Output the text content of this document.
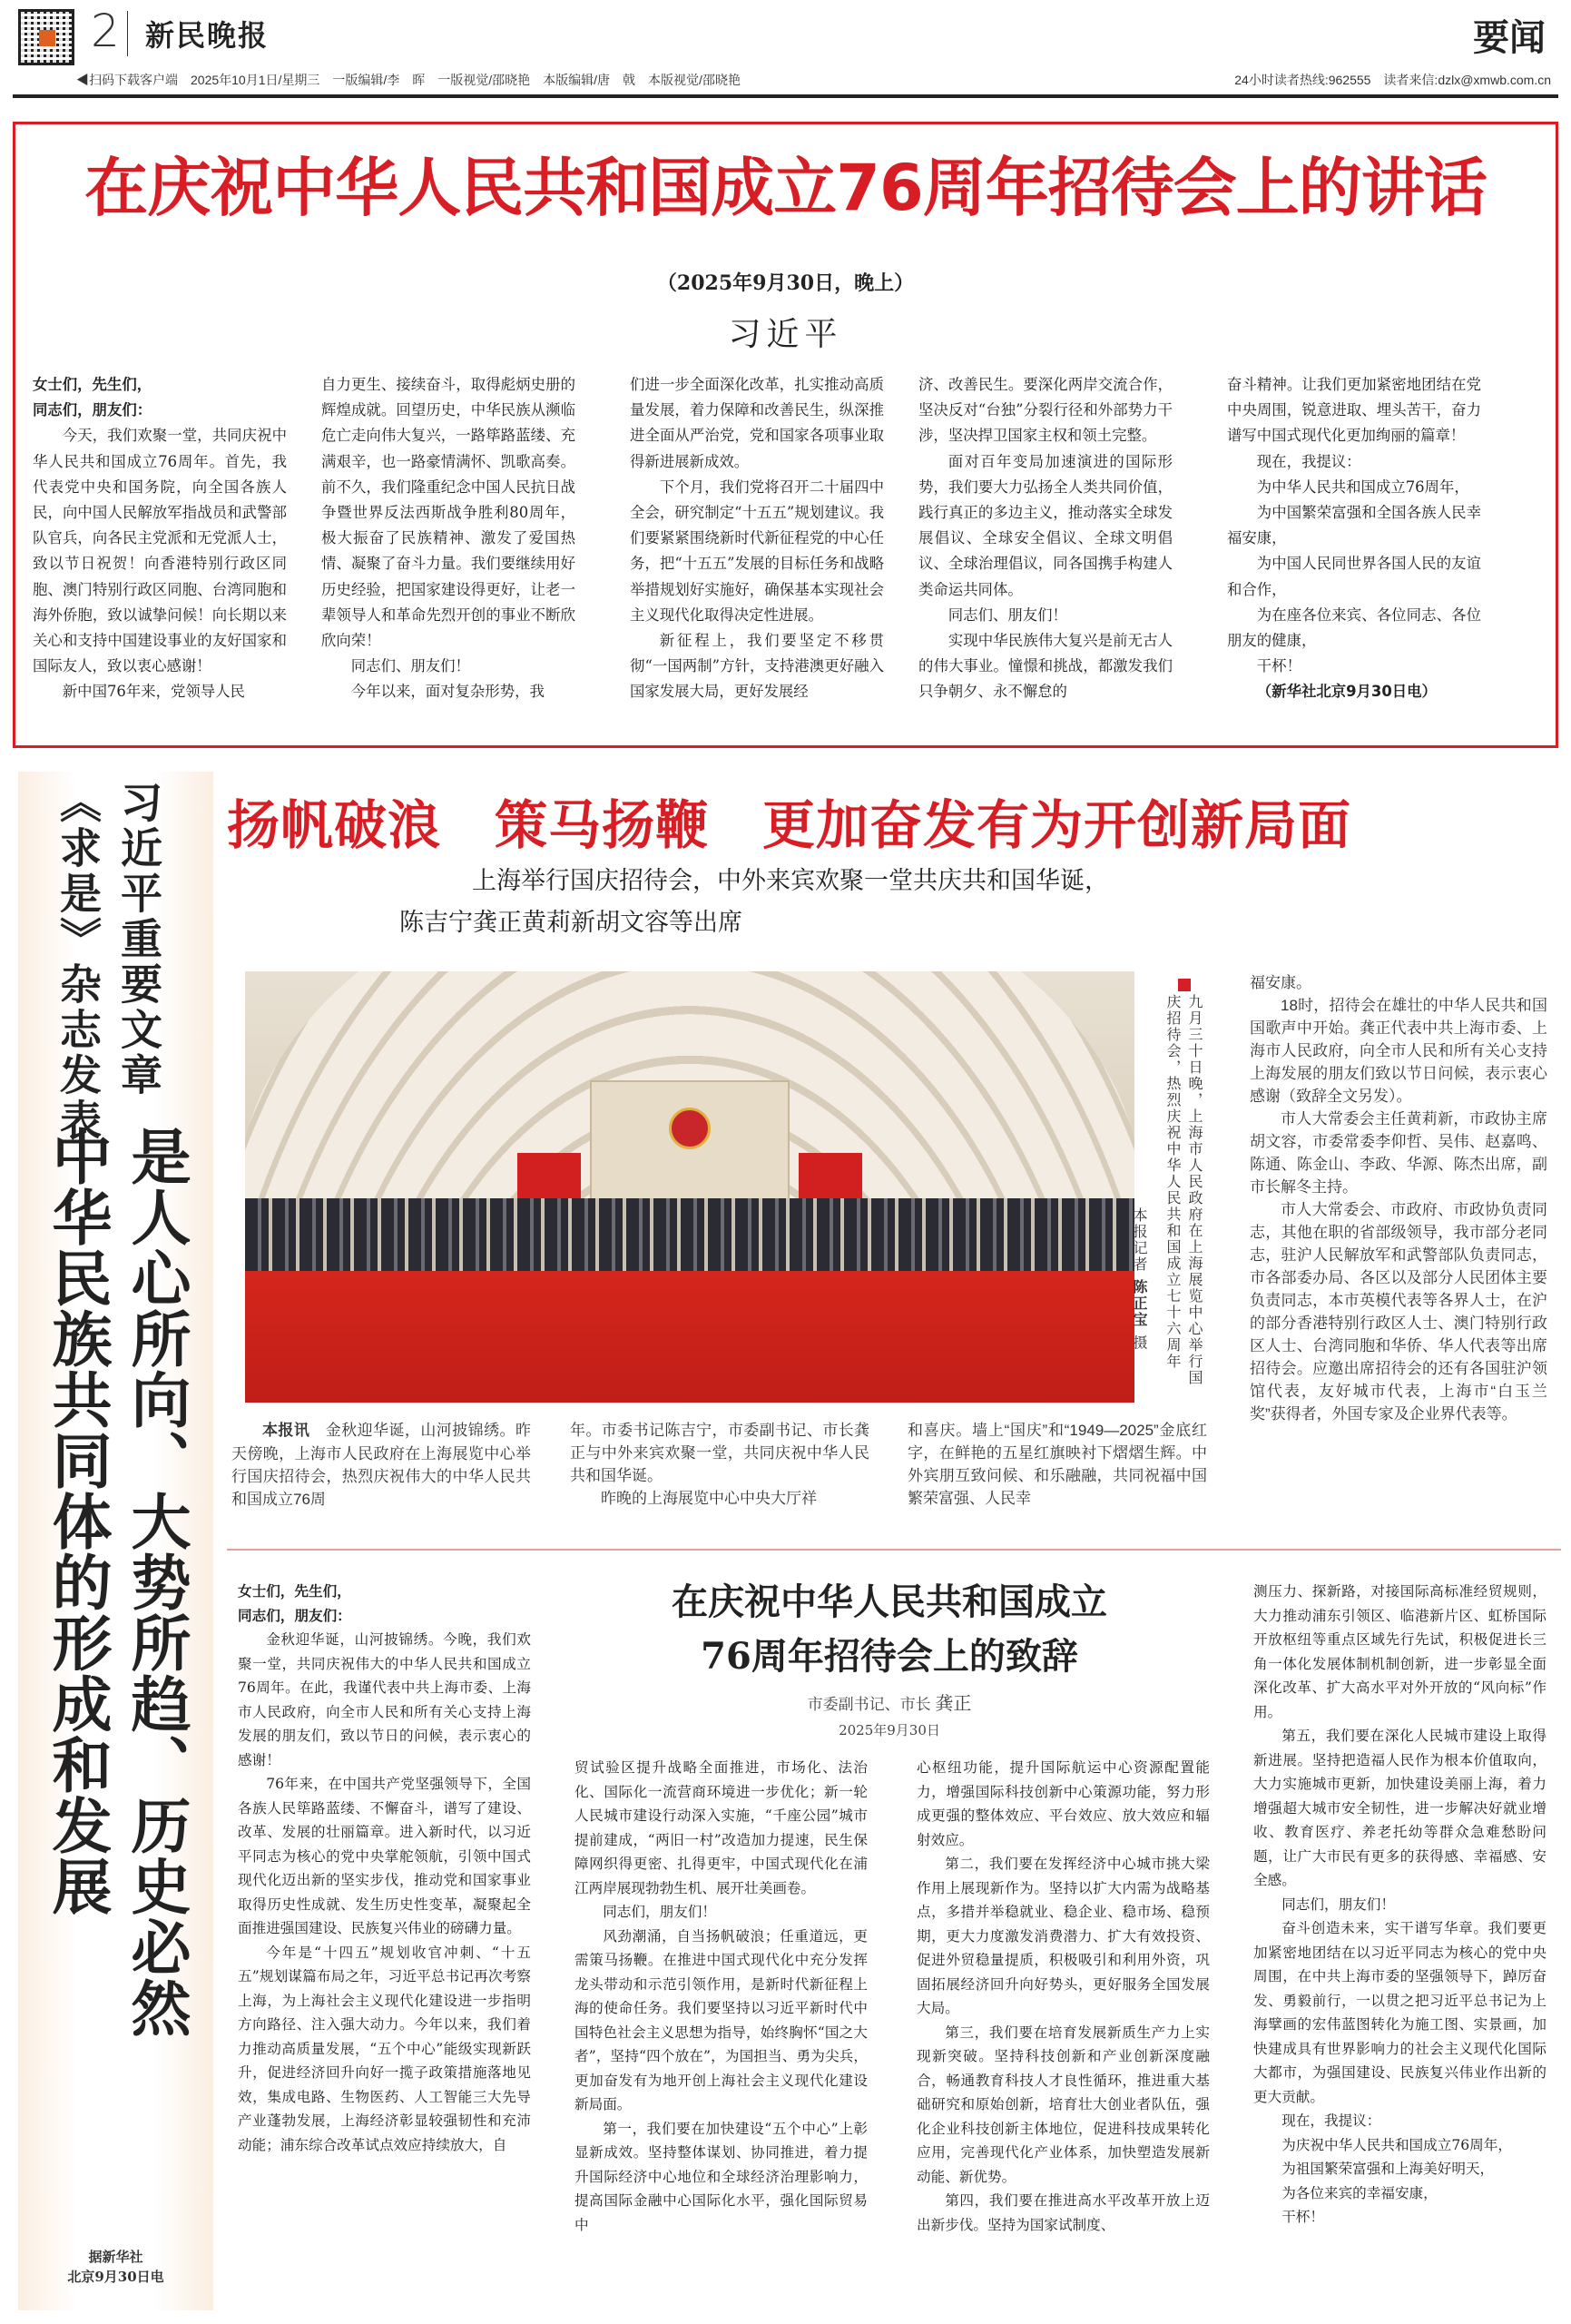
2 新民晚报	要闻
◀扫码下载客户端　2025年10月1日/星期三　一版编辑/李　晖　一版视觉/邵晓艳　本版编辑/唐　戟　本版视觉/邵晓艳	24小时读者热线:962555　读者来信:dzlx@xmwb.com.cn
在庆祝中华人民共和国成立76周年招待会上的讲话
（2025年9月30日，晚上）
习近平

女士们，先生们，

同志们，朋友们：

今天，我们欢聚一堂，共同庆祝中华人民共和国成立76周年。首先，我代表党中央和国务院，向全国各族人民，向中国人民解放军指战员和武警部队官兵，向各民主党派和无党派人士，致以节日祝贺！向香港特别行政区同胞、澳门特别行政区同胞、台湾同胞和海外侨胞，致以诚挚问候！向长期以来关心和支持中国建设事业的友好国家和国际友人，致以衷心感谢！

新中国76年来，党领导人民

自力更生、接续奋斗，取得彪炳史册的辉煌成就。回望历史，中华民族从濒临危亡走向伟大复兴，一路筚路蓝缕、充满艰辛，也一路豪情满怀、凯歌高奏。前不久，我们隆重纪念中国人民抗日战争暨世界反法西斯战争胜利80周年，极大振奋了民族精神、激发了爱国热情、凝聚了奋斗力量。我们要继续用好历史经验，把国家建设得更好，让老一辈领导人和革命先烈开创的事业不断欣欣向荣！

同志们、朋友们！

今年以来，面对复杂形势，我

们进一步全面深化改革，扎实推动高质量发展，着力保障和改善民生，纵深推进全面从严治党，党和国家各项事业取得新进展新成效。

下个月，我们党将召开二十届四中全会，研究制定“十五五”规划建议。我们要紧紧围绕新时代新征程党的中心任务，把“十五五”发展的目标任务和战略举措规划好实施好，确保基本实现社会主义现代化取得决定性进展。

新征程上，我们要坚定不移贯彻“一国两制”方针，支持港澳更好融入国家发展大局，更好发展经

济、改善民生。要深化两岸交流合作，坚决反对“台独”分裂行径和外部势力干涉，坚决捍卫国家主权和领土完整。

面对百年变局加速演进的国际形势，我们要大力弘扬全人类共同价值，践行真正的多边主义，推动落实全球发展倡议、全球安全倡议、全球文明倡议、全球治理倡议，同各国携手构建人类命运共同体。

同志们、朋友们！

实现中华民族伟大复兴是前无古人的伟大事业。憧憬和挑战，都激发我们只争朝夕、永不懈怠的

奋斗精神。让我们更加紧密地团结在党中央周围，锐意进取、埋头苦干，奋力谱写中国式现代化更加绚丽的篇章！

现在，我提议：

为中华人民共和国成立76周年，

为中国繁荣富强和全国各族人民幸福安康，

为中国人民同世界各国人民的友谊和合作，

为在座各位来宾、各位同志、各位朋友的健康，

干杯！

（新华社北京9月30日电）

习近平重要文章
《求是》杂志发表
是人心所向、大势所趋、历史必然
中华民族共同体的形成和发展
据新华社
北京9月30日电
扬帆破浪　策马扬鞭　更加奋发有为开创新局面
上海举行国庆招待会，中外来宾欢聚一堂共庆共和国华诞，
陈吉宁龚正黄莉新胡文容等出席
九月三十日晚，上海市人民政府在上海展览中心举行国庆招待会，热烈庆祝中华人民共和国成立七十六周年
本报记者 陈正宝 摄

本报讯　 金秋迎华诞，山河披锦绣。昨天傍晚，上海市人民政府在上海展览中心举行国庆招待会，热烈庆祝伟大的中华人民共和国成立76周

年。市委书记陈吉宁，市委副书记、市长龚正与中外来宾欢聚一堂，共同庆祝中华人民共和国华诞。

昨晚的上海展览中心中央大厅祥

和喜庆。墙上“国庆”和“1949—2025”金底红字，在鲜艳的五星红旗映衬下熠熠生辉。中外宾朋互致问候、和乐融融，共同祝福中国繁荣富强、人民幸

福安康。

18时，招待会在雄壮的中华人民共和国国歌声中开始。龚正代表中共上海市委、上海市人民政府，向全市人民和所有关心支持上海发展的朋友们致以节日问候，表示衷心感谢（致辞全文另发）。

市人大常委会主任黄莉新，市政协主席胡文容，市委常委李仰哲、吴伟、赵嘉鸣、陈通、陈金山、李政、华源、陈杰出席，副市长解冬主持。

市人大常委会、市政府、市政协负责同志，其他在职的省部级领导，我市部分老同志，驻沪人民解放军和武警部队负责同志，市各部委办局、各区以及部分人民团体主要负责同志，本市英模代表等各界人士，在沪的部分香港特别行政区人士、澳门特别行政区人士、台湾同胞和华侨、华人代表等出席招待会。应邀出席招待会的还有各国驻沪领馆代表，友好城市代表，上海市“白玉兰奖”获得者，外国专家及企业界代表等。

在庆祝中华人民共和国成立
76周年招待会上的致辞
市委副书记、市长 龚正
2025年9月30日

女士们，先生们，

同志们，朋友们：

金秋迎华诞，山河披锦绣。今晚，我们欢聚一堂，共同庆祝伟大的中华人民共和国成立76周年。在此，我谨代表中共上海市委、上海市人民政府，向全市人民和所有关心支持上海发展的朋友们，致以节日的问候，表示衷心的感谢！

76年来，在中国共产党坚强领导下，全国各族人民筚路蓝缕、不懈奋斗，谱写了建设、改革、发展的壮丽篇章。进入新时代，以习近平同志为核心的党中央掌舵领航，引领中国式现代化迈出新的坚实步伐，推动党和国家事业取得历史性成就、发生历史性变革，凝聚起全面推进强国建设、民族复兴伟业的磅礴力量。

今年是“十四五”规划收官冲刺、“十五五”规划谋篇布局之年，习近平总书记再次考察上海，为上海社会主义现代化建设进一步指明方向路径、注入强大动力。今年以来，我们着力推动高质量发展，“五个中心”能级实现新跃升，促进经济回升向好一揽子政策措施落地见效，集成电路、生物医药、人工智能三大先导产业蓬勃发展，上海经济彰显较强韧性和充沛动能；浦东综合改革试点效应持续放大，自

贸试验区提升战略全面推进，市场化、法治化、国际化一流营商环境进一步优化；新一轮人民城市建设行动深入实施，“千座公园”城市提前建成，“两旧一村”改造加力提速，民生保障网织得更密、扎得更牢，中国式现代化在浦江两岸展现勃勃生机、展开壮美画卷。

同志们，朋友们！

风劲潮涌，自当扬帆破浪；任重道远，更需策马扬鞭。在推进中国式现代化中充分发挥龙头带动和示范引领作用，是新时代新征程上海的使命任务。我们要坚持以习近平新时代中国特色社会主义思想为指导，始终胸怀“国之大者”，坚持“四个放在”，为国担当、勇为尖兵，更加奋发有为地开创上海社会主义现代化建设新局面。

第一，我们要在加快建设“五个中心”上彰显新成效。坚持整体谋划、协同推进，着力提升国际经济中心地位和全球经济治理影响力，提高国际金融中心国际化水平，强化国际贸易中

心枢纽功能，提升国际航运中心资源配置能力，增强国际科技创新中心策源功能，努力形成更强的整体效应、平台效应、放大效应和辐射效应。

第二，我们要在发挥经济中心城市挑大梁作用上展现新作为。坚持以扩大内需为战略基点，多措并举稳就业、稳企业、稳市场、稳预期，更大力度激发消费潜力、扩大有效投资、促进外贸稳量提质，积极吸引和利用外资，巩固拓展经济回升向好势头，更好服务全国发展大局。

第三，我们要在培育发展新质生产力上实现新突破。坚持科技创新和产业创新深度融合，畅通教育科技人才良性循环，推进重大基础研究和原始创新，培育壮大创业者队伍，强化企业科技创新主体地位，促进科技成果转化应用，完善现代化产业体系，加快塑造发展新动能、新优势。

第四，我们要在推进高水平改革开放上迈出新步伐。坚持为国家试制度、

测压力、探新路，对接国际高标准经贸规则，大力推动浦东引领区、临港新片区、虹桥国际开放枢纽等重点区域先行先试，积极促进长三角一体化发展体制机制创新，进一步彰显全面深化改革、扩大高水平对外开放的“风向标”作用。

第五，我们要在深化人民城市建设上取得新进展。坚持把造福人民作为根本价值取向，大力实施城市更新，加快建设美丽上海，着力增强超大城市安全韧性，进一步解决好就业增收、教育医疗、养老托幼等群众急难愁盼问题，让广大市民有更多的获得感、幸福感、安全感。

同志们，朋友们！

奋斗创造未来，实干谱写华章。我们要更加紧密地团结在以习近平同志为核心的党中央周围，在中共上海市委的坚强领导下，踔厉奋发、勇毅前行，一以贯之把习近平总书记为上海擘画的宏伟蓝图转化为施工图、实景画，加快建成具有世界影响力的社会主义现代化国际大都市，为强国建设、民族复兴伟业作出新的更大贡献。

现在，我提议：

为庆祝中华人民共和国成立76周年，

为祖国繁荣富强和上海美好明天，

为各位来宾的幸福安康，

干杯！
